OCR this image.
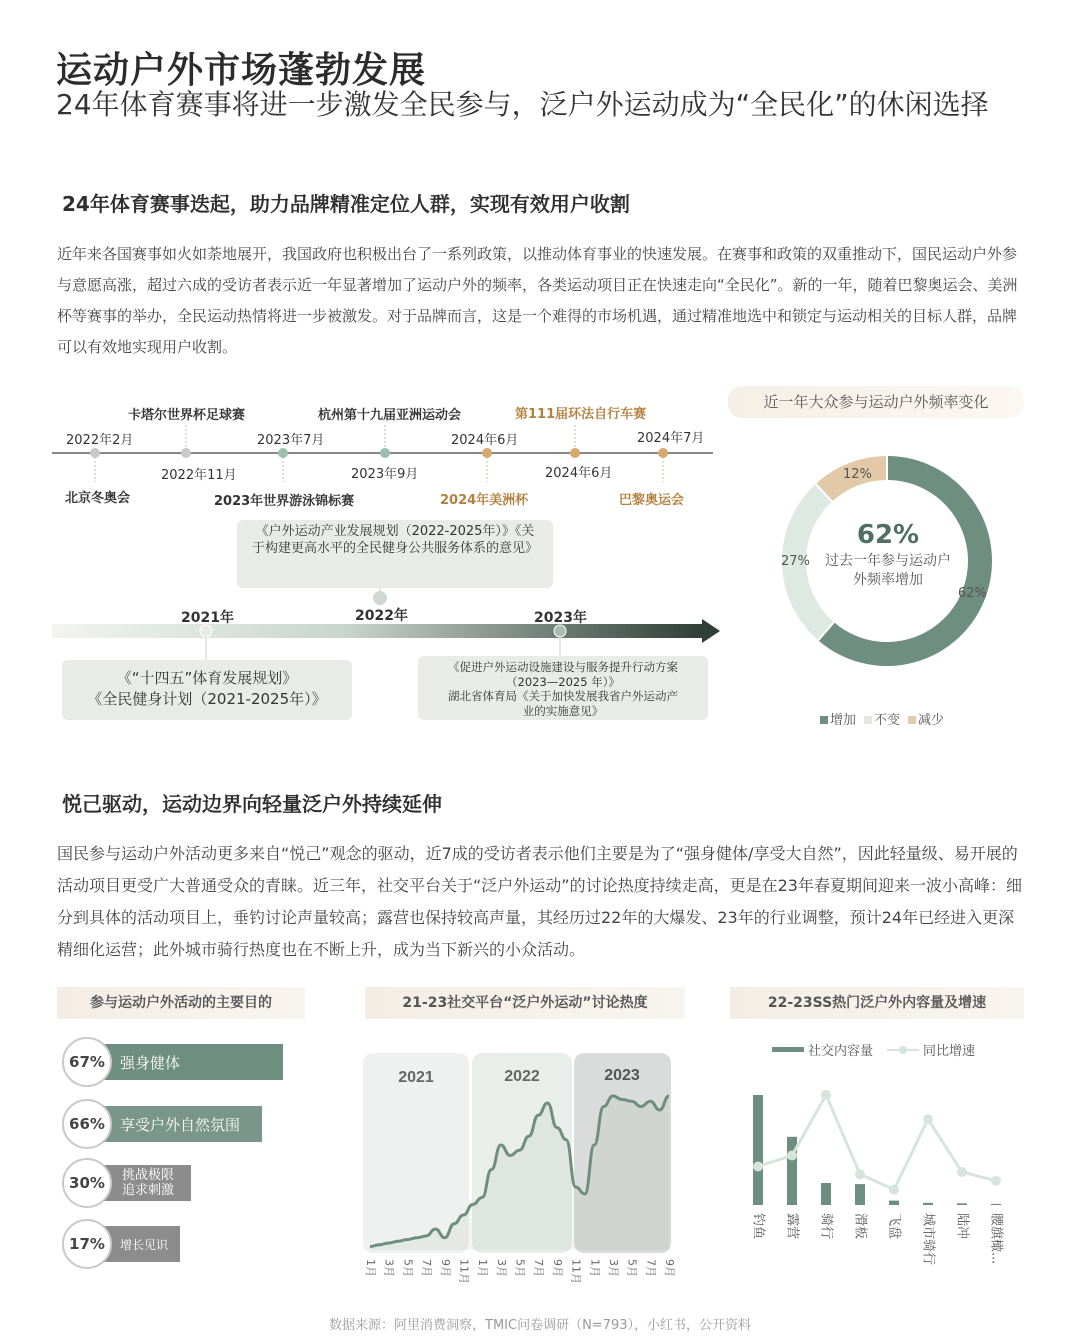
运动户外市场蓬勃发展
24年体育赛事将进一步激发全民参与，泛户外运动成为“全民化”的休闲选择
24年体育赛事迭起，助力品牌精准定位人群，实现有效用户收割
近年来各国赛事如火如荼地展开，我国政府也积极出台了一系列政策，以推动体育事业的快速发展。在赛事和政策的双重推动下，国民运动户外参与意愿高涨，超过六成的受访者表示近一年显著增加了运动户外的频率，各类运动项目正在快速走向“全民化”。新的一年，随着巴黎奥运会、美洲杯等赛事的举办，全民运动热情将进一步被激发。对于品牌而言，这是一个难得的市场机遇，通过精准地选中和锁定与运动相关的目标人群，品牌可以有效地实现用户收割。
2022年2月
北京冬奥会
卡塔尔世界杯足球赛
2022年11月
2023年7月
2023年世界游泳锦标赛
杭州第十九届亚洲运动会
2023年9月
2024年6月
2024年美洲杯
第111届环法自行车赛
2024年6月
2024年7月
巴黎奥运会
《户外运动产业发展规划（2022-2025年）》《关于构建更高水平的全民健身公共服务体系的意见》
2021年	2022年	2023年
《“十四五”体育发展规划》
《全民健身计划（2021-2025年）》
《促进户外运动设施建设与服务提升行动方案
（2023—2025 年）》
湖北省体育局《关于加快发展我省户外运动产
业的实施意见》
近一年大众参与运动户外频率变化
62%
过去一年参与运动户外频率增加
12%
27%
62%
增加	不变	减少
悦己驱动，运动边界向轻量泛户外持续延伸
国民参与运动户外活动更多来自“悦己”观念的驱动，近7成的受访者表示他们主要是为了“强身健体/享受大自然”，因此轻量级、易开展的活动项目更受广大普通受众的青睐。近三年，社交平台关于“泛户外运动”的讨论热度持续走高，更是在23年春夏期间迎来一波小高峰：细分到具体的活动项目上，垂钓讨论声量较高；露营也保持较高声量，其经历过22年的大爆发、23年的行业调整，预计24年已经进入更深精细化运营；此外城市骑行热度也在不断上升，成为当下新兴的小众活动。
参与运动户外活动的主要目的	21-23社交平台“泛户外运动”讨论热度	22-23SS热门泛户外内容量及增速
强身健体
67%
享受户外自然氛围
66%
挑战极限 追求刺激
30%
增长见识
17%
2021	2022	2023
1月 3月 5月 7月 9月 11月 1月 3月 5月 7月 9月 11月 1月 3月 5月 7月 9月
社交内容量	同比增速
钓鱼 露营 骑行 滑板 飞盘 城市骑行 陆冲 腰旗橄...
数据来源：阿里消费洞察，TMIC问卷调研（N=793），小红书，公开资料
